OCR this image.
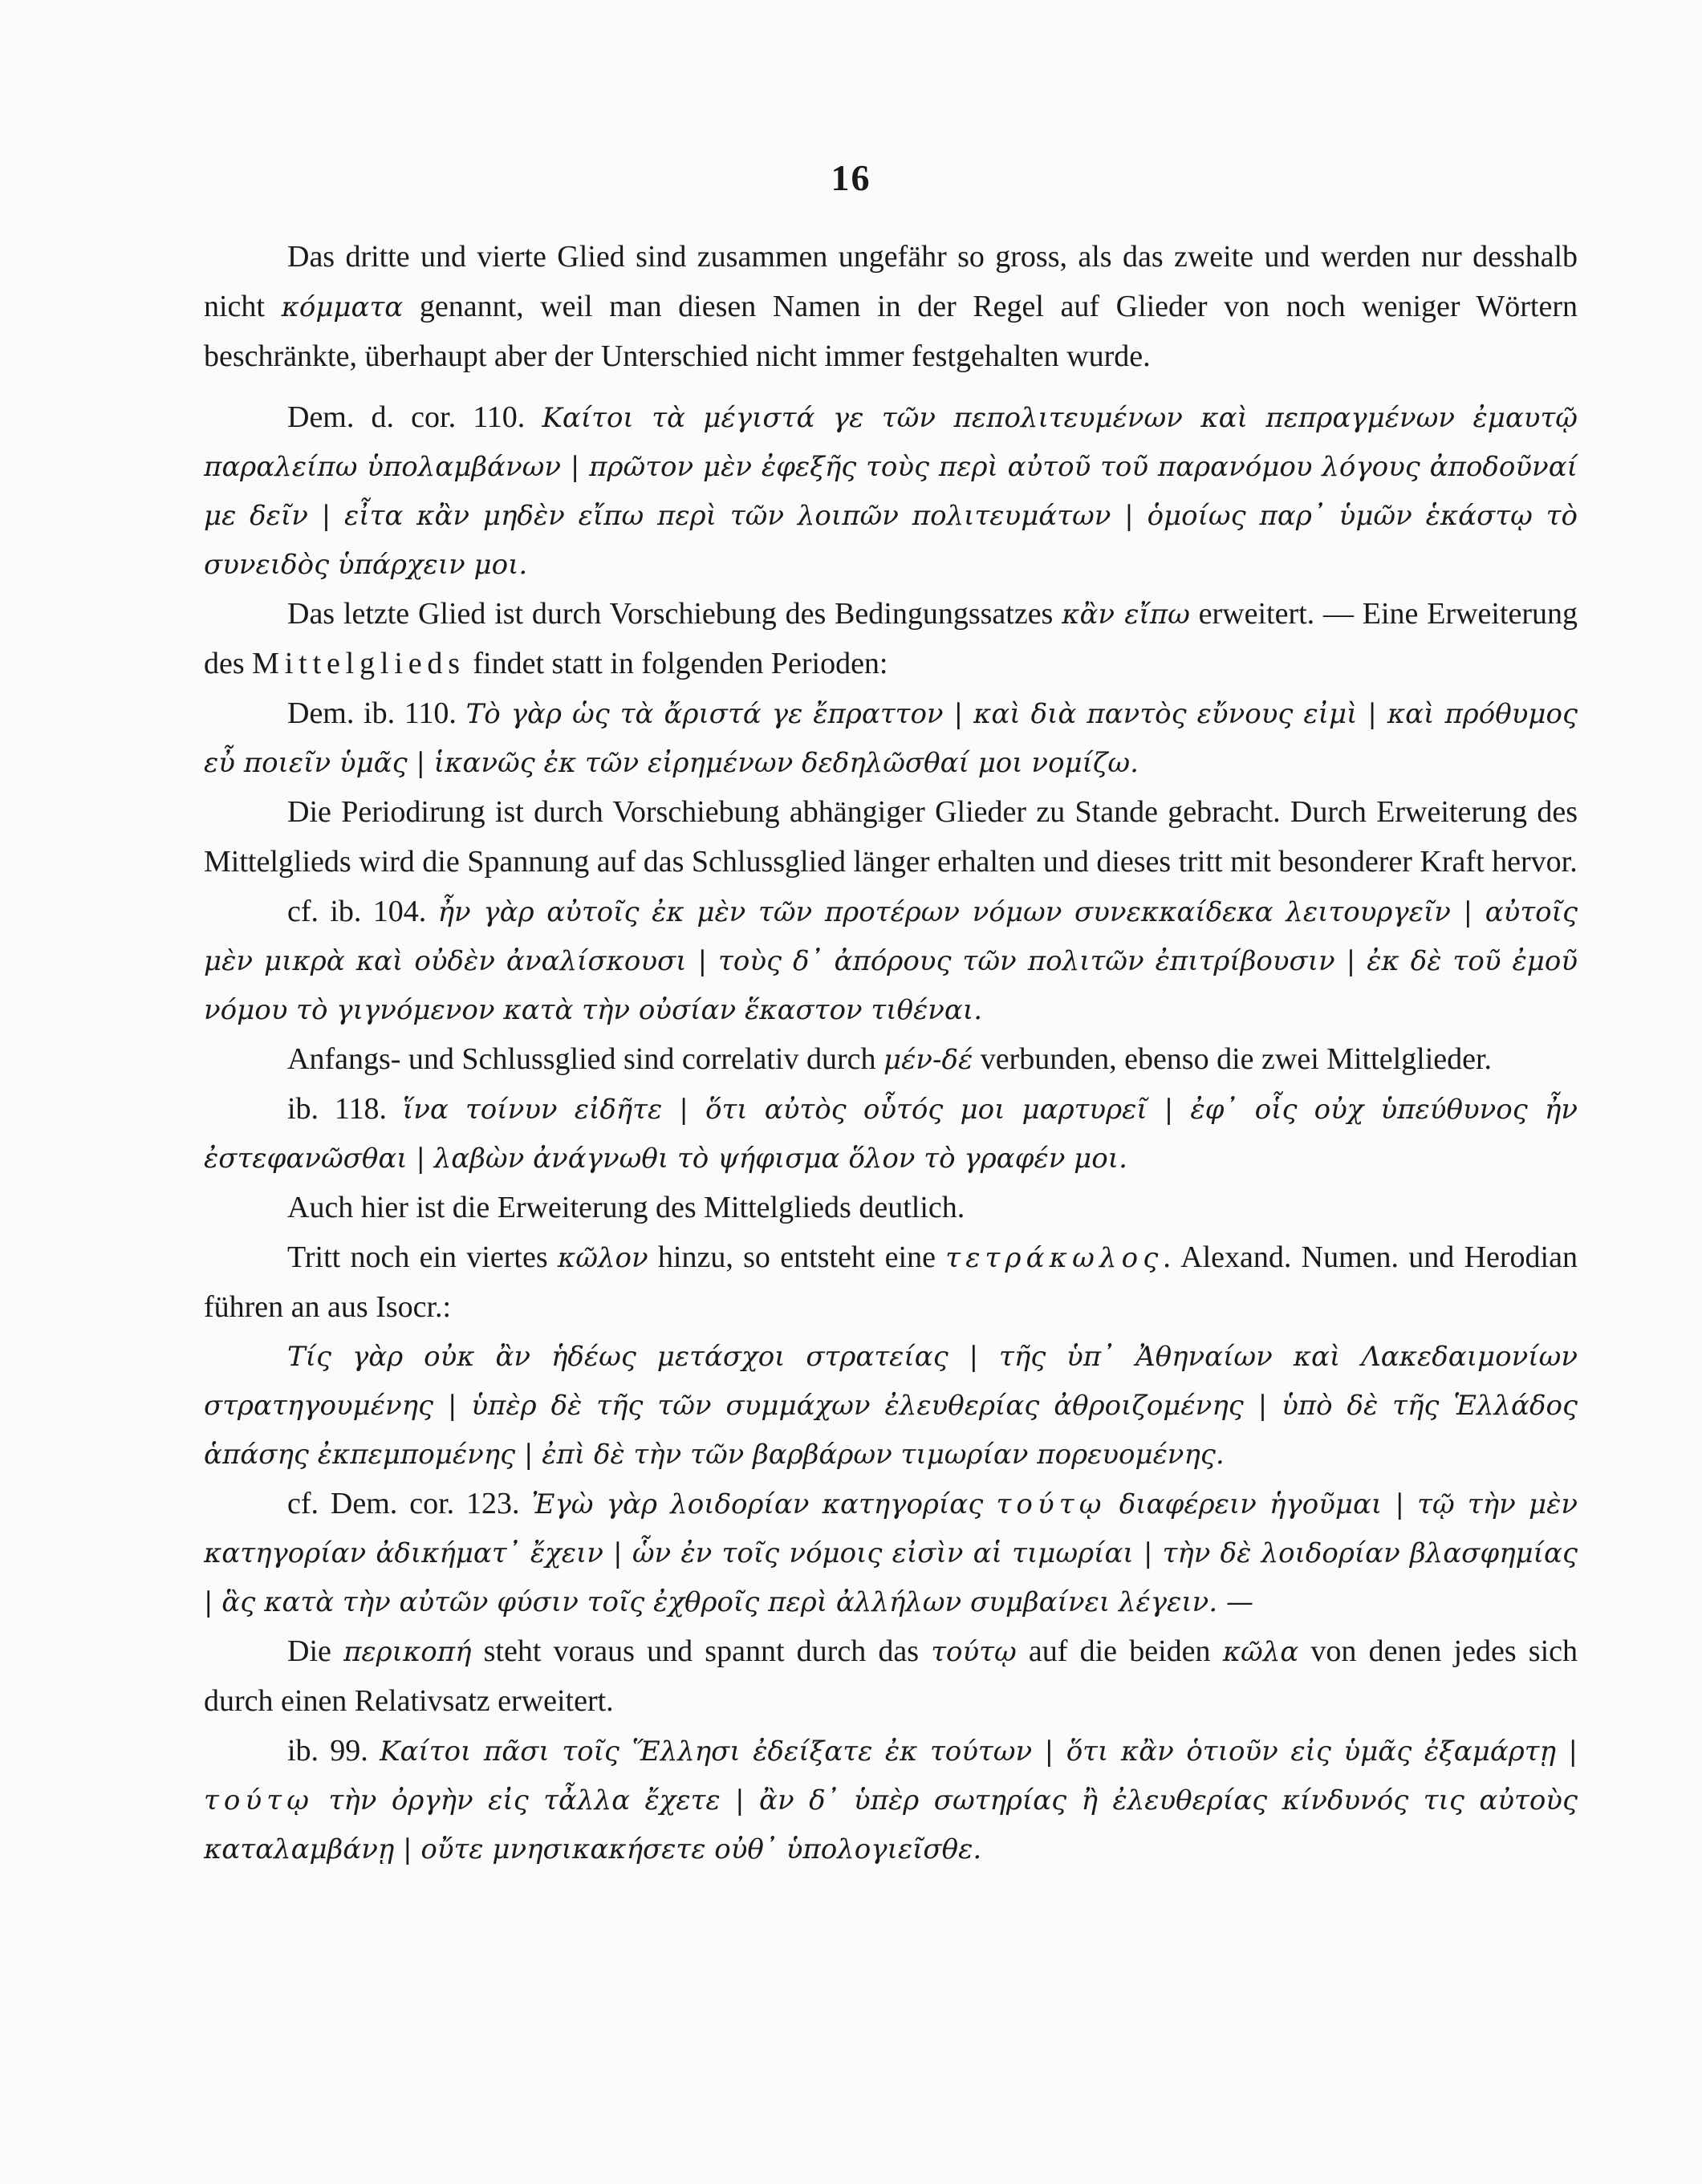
16

Das dritte und vierte Glied sind zusammen ungefähr so gross, als das zweite und werden nur desshalb nicht κόμματα genannt, weil man diesen Namen in der Regel auf Glieder von noch weniger Wörtern beschränkte, überhaupt aber der Unterschied nicht immer festgehalten wurde.

Dem. d. cor. 110. Καίτοι τὰ μέγιστά γε τῶν πεπολιτευμένων καὶ πεπραγμένων ἐμαυτῷ παραλείπω ὑπολαμβάνων | πρῶτον μὲν ἐφεξῆς τοὺς περὶ αὐτοῦ τοῦ παρανόμου λόγους ἀποδοῦναί με δεῖν | εἶτα κἂν μηδὲν εἴπω περὶ τῶν λοιπῶν πολιτευμάτων | ὁμοίως παρ᾿ ὑμῶν ἑκάστῳ τὸ συνειδὸς ὑπάρχειν μοι.

Das letzte Glied ist durch Vorschiebung des Bedingungssatzes κἂν εἴπω erweitert. — Eine Erweiterung des Mittelglieds findet statt in folgenden Perioden:

Dem. ib. 110. Τὸ γὰρ ὡς τὰ ἄριστά γε ἔπραττον | καὶ διὰ παντὸς εὔνους εἰμὶ | καὶ πρόθυμος εὖ ποιεῖν ὑμᾶς | ἱκανῶς ἐκ τῶν εἰρημένων δεδηλῶσθαί μοι νομίζω.

Die Periodirung ist durch Vorschiebung abhängiger Glieder zu Stande gebracht. Durch Erweiterung des Mittelglieds wird die Spannung auf das Schlussglied länger erhalten und dieses tritt mit besonderer Kraft hervor.

cf. ib. 104. ἦν γὰρ αὐτοῖς ἐκ μὲν τῶν προτέρων νόμων συνεκκαίδεκα λειτουργεῖν | αὐτοῖς μὲν μικρὰ καὶ οὐδὲν ἀναλίσκουσι | τοὺς δ᾿ ἀπόρους τῶν πολιτῶν ἐπιτρίβουσιν | ἐκ δὲ τοῦ ἐμοῦ νόμου τὸ γιγνόμενον κατὰ τὴν οὐσίαν ἕκαστον τιθέναι.

Anfangs- und Schlussglied sind correlativ durch μέν-δέ verbunden, ebenso die zwei Mittelglieder.

ib. 118. ἵνα τοίνυν εἰδῆτε | ὅτι αὐτὸς οὗτός μοι μαρτυρεῖ | ἐφ᾿ οἷς οὐχ ὑπεύθυνος ἦν ἐστεφανῶσθαι | λαβὼν ἀνάγνωθι τὸ ψήφισμα ὅλον τὸ γραφέν μοι.

Auch hier ist die Erweiterung des Mittelglieds deutlich.

Tritt noch ein viertes κῶλον hinzu, so entsteht eine τετράκωλος. Alexand. Numen. und Herodian führen an aus Isocr.:

Τίς γὰρ οὐκ ἂν ἡδέως μετάσχοι στρατείας | τῆς ὑπ᾿ Ἀθηναίων καὶ Λακεδαιμονίων στρατηγουμένης | ὑπὲρ δὲ τῆς τῶν συμμάχων ἐλευθερίας ἀθροιζομένης | ὑπὸ δὲ τῆς Ἑλλάδος ἁπάσης ἐκπεμπομένης | ἐπὶ δὲ τὴν τῶν βαρβάρων τιμωρίαν πορευομένης.

cf. Dem. cor. 123. Ἐγὼ γὰρ λοιδορίαν κατηγορίας τούτῳ διαφέρειν ἡγοῦμαι | τῷ τὴν μὲν κατηγορίαν ἀδικήματ᾿ ἔχειν | ὧν ἐν τοῖς νόμοις εἰσὶν αἱ τιμωρίαι | τὴν δὲ λοιδορίαν βλασφημίας | ἃς κατὰ τὴν αὐτῶν φύσιν τοῖς ἐχθροῖς περὶ ἀλλήλων συμβαίνει λέγειν. —

Die περικοπή steht voraus und spannt durch das τούτῳ auf die beiden κῶλα von denen jedes sich durch einen Relativsatz erweitert.

ib. 99. Καίτοι πᾶσι τοῖς Ἕλλησι ἐδείξατε ἐκ τούτων | ὅτι κἂν ὁτιοῦν εἰς ὑμᾶς ἐξαμάρτῃ | τούτῳ τὴν ὀργὴν εἰς τἆλλα ἔχετε | ἂν δ᾿ ὑπὲρ σωτηρίας ἢ ἐλευθερίας κίνδυνός τις αὐτοὺς καταλαμβάνῃ | οὔτε μνησικακήσετε οὐθ᾿ ὑπολογιεῖσθε.
